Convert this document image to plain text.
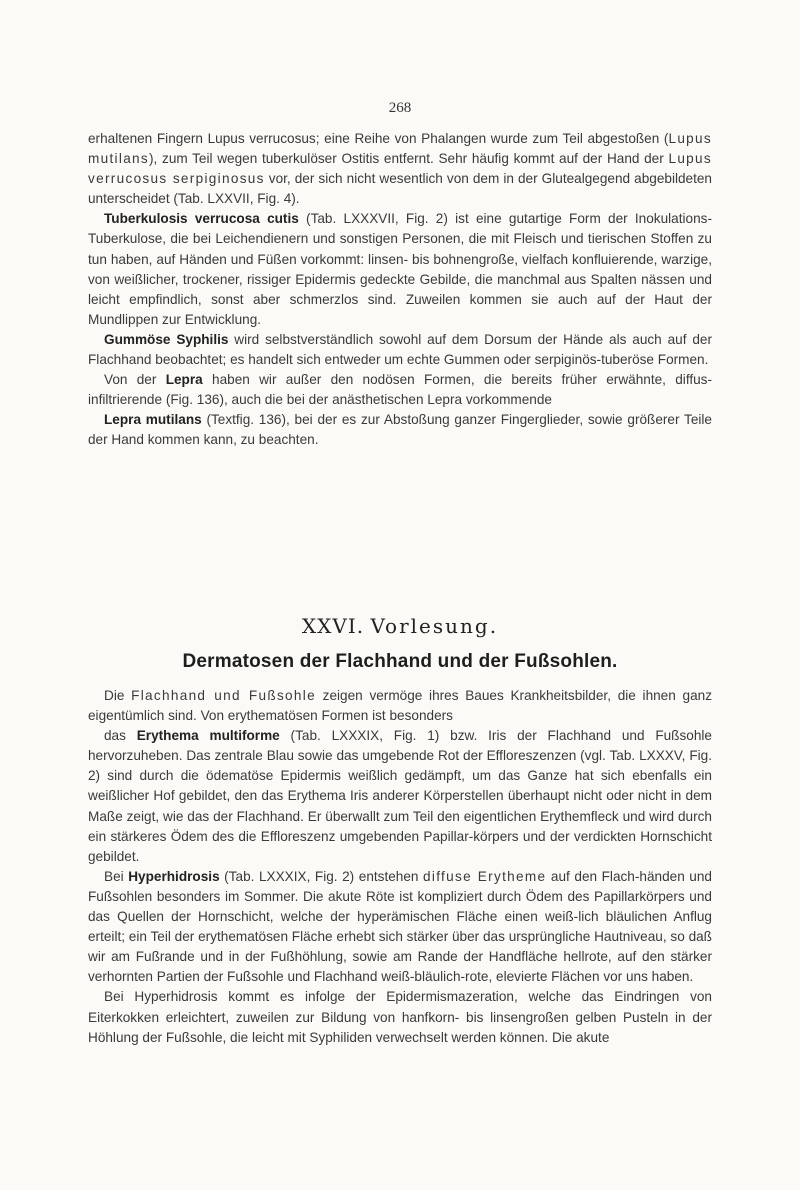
268

erhaltenen Fingern Lupus verrucosus; eine Reihe von Phalangen wurde zum Teil abgestoßen (Lupus mutilans), zum Teil wegen tuberkulöser Ostitis entfernt. Sehr häufig kommt auf der Hand der Lupus verrucosus serpiginosus vor, der sich nicht wesentlich von dem in der Glutealgegend abgebildeten unterscheidet (Tab. LXXVII, Fig. 4).

Tuberkulosis verrucosa cutis (Tab. LXXXVII, Fig. 2) ist eine gutartige Form der Inokulations-Tuberkulose, die bei Leichendienern und sonstigen Personen, die mit Fleisch und tierischen Stoffen zu tun haben, auf Händen und Füßen vorkommt: linsen- bis bohnengroße, vielfach konfluierende, warzige, von weißlicher, trockener, rissiger Epidermis gedeckte Gebilde, die manchmal aus Spalten nässen und leicht empfindlich, sonst aber schmerzlos sind. Zuweilen kommen sie auch auf der Haut der Mundlippen zur Entwicklung.

Gummöse Syphilis wird selbstverständlich sowohl auf dem Dorsum der Hände als auch auf der Flachhand beobachtet; es handelt sich entweder um echte Gummen oder serpiginös-tuberöse Formen.

Von der Lepra haben wir außer den nodösen Formen, die bereits früher erwähnte, diffus-infiltrierende (Fig. 136), auch die bei der anästhetischen Lepra vorkommende

Lepra mutilans (Textfig. 136), bei der es zur Abstoßung ganzer Fingerglieder, sowie größerer Teile der Hand kommen kann, zu beachten.

XXVI. Vorlesung.
Dermatosen der Flachhand und der Fußsohlen.

Die Flachhand und Fußsohle zeigen vermöge ihres Baues Krankheitsbilder, die ihnen ganz eigentümlich sind. Von erythematösen Formen ist besonders

das Erythema multiforme (Tab. LXXXIX, Fig. 1) bzw. Iris der Flachhand und Fußsohle hervorzuheben. Das zentrale Blau sowie das umgebende Rot der Effloreszenzen (vgl. Tab. LXXXV, Fig. 2) sind durch die ödematöse Epidermis weißlich gedämpft, um das Ganze hat sich ebenfalls ein weißlicher Hof gebildet, den das Erythema Iris anderer Körperstellen überhaupt nicht oder nicht in dem Maße zeigt, wie das der Flachhand. Er überwallt zum Teil den eigentlichen Erythemfleck und wird durch ein stärkeres Ödem des die Effloreszenz umgebenden Papillar-körpers und der verdickten Hornschicht gebildet.

Bei Hyperhidrosis (Tab. LXXXIX, Fig. 2) entstehen diffuse Erytheme auf den Flach-händen und Fußsohlen besonders im Sommer. Die akute Röte ist kompliziert durch Ödem des Papillarkörpers und das Quellen der Hornschicht, welche der hyperämischen Fläche einen weiß-lich bläulichen Anflug erteilt; ein Teil der erythematösen Fläche erhebt sich stärker über das ursprüngliche Hautniveau, so daß wir am Fußrande und in der Fußhöhlung, sowie am Rande der Handfläche hellrote, auf den stärker verhornten Partien der Fußsohle und Flachhand weiß-bläulich-rote, elevierte Flächen vor uns haben.

Bei Hyperhidrosis kommt es infolge der Epidermismazeration, welche das Eindringen von Eiterkokken erleichtert, zuweilen zur Bildung von hanfkorn- bis linsengroßen gelben Pusteln in der Höhlung der Fußsohle, die leicht mit Syphiliden verwechselt werden können. Die akute
